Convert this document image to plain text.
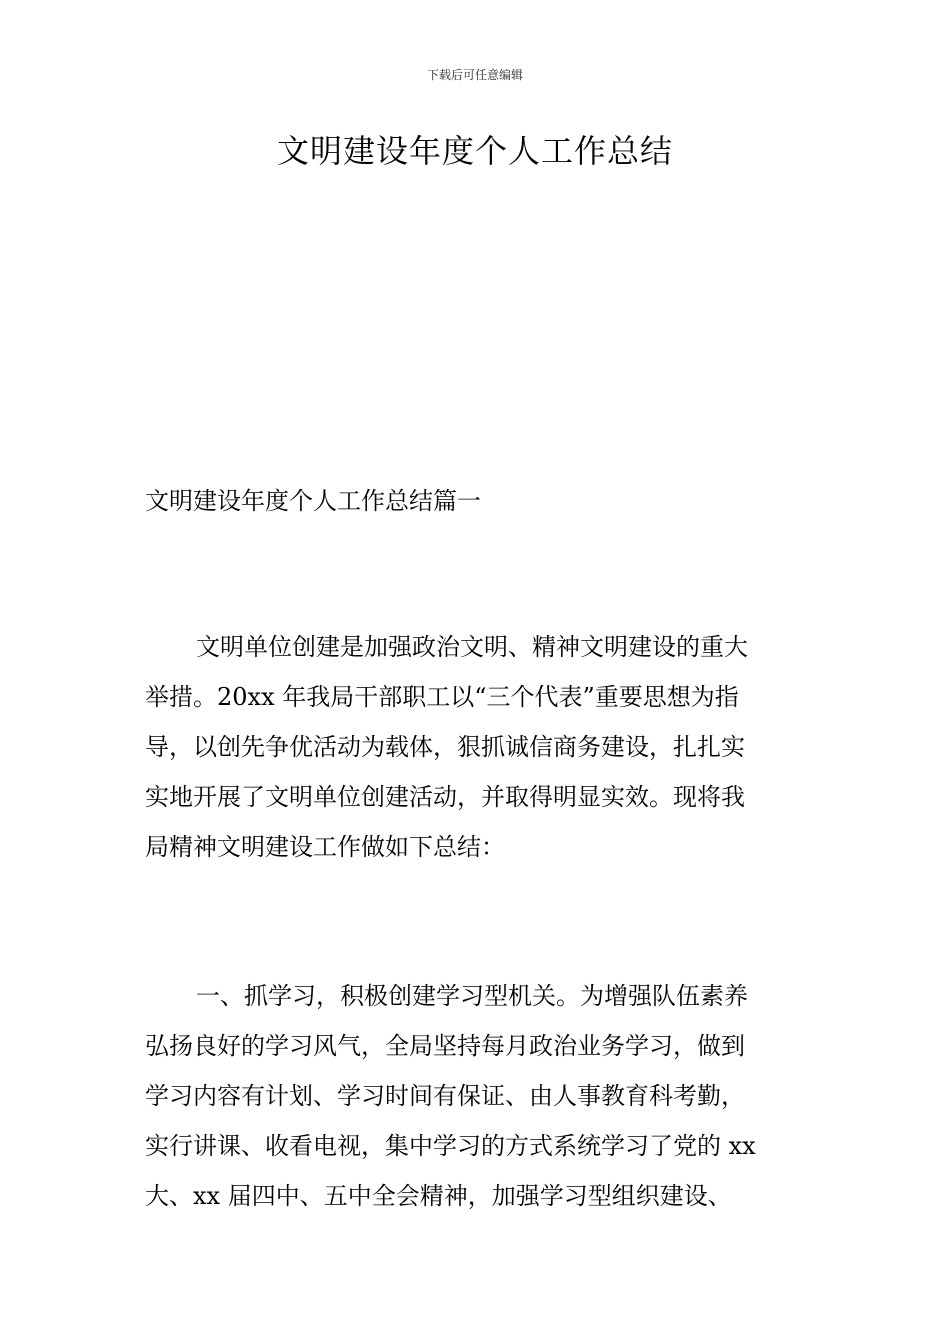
下载后可任意编辑

文明建设年度个人工作总结

文明建设年度个人工作总结篇一

文明单位创建是加强政治文明、精神文明建设的重大
举措。20xx 年我局干部职工以“三个代表”重要思想为指
导，以创先争优活动为载体，狠抓诚信商务建设，扎扎实
实地开展了文明单位创建活动，并取得明显实效。现将我
局精神文明建设工作做如下总结：
一、抓学习，积极创建学习型机关。为增强队伍素养
弘扬良好的学习风气，全局坚持每月政治业务学习，做到
学习内容有计划、学习时间有保证、由人事教育科考勤，
实行讲课、收看电视，集中学习的方式系统学习了党的 xx
大、xx 届四中、五中全会精神，加强学习型组织建设、
